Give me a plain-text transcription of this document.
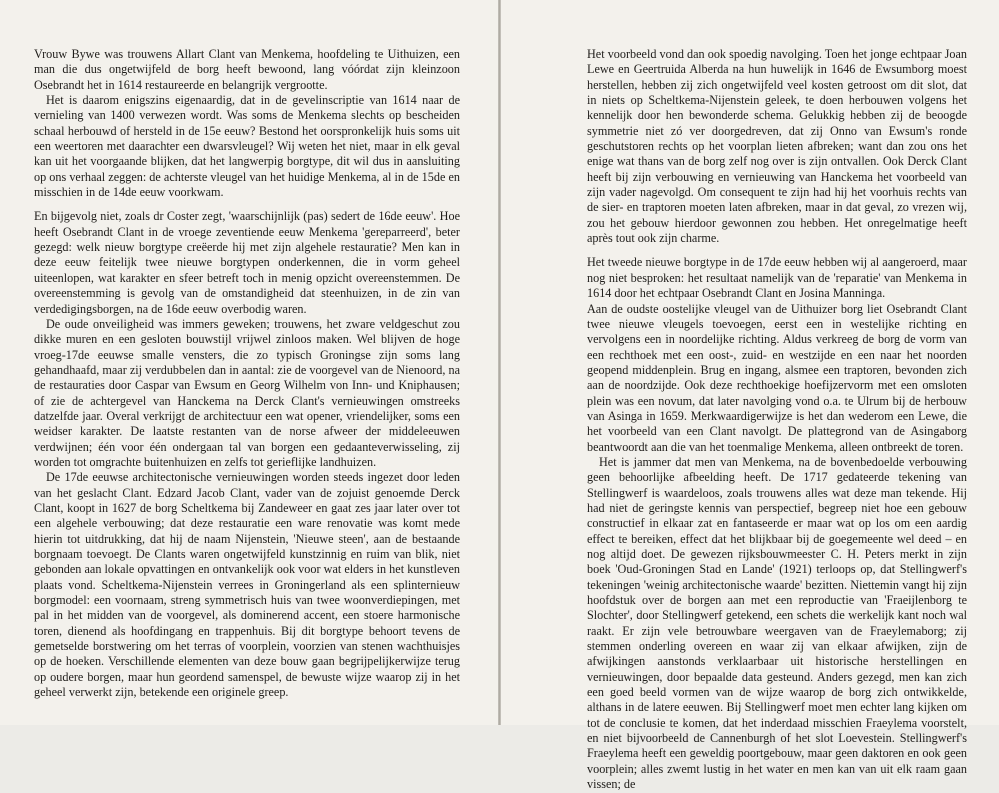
Vrouw Bywe was trouwens Allart Clant van Menkema, hoofdeling te Uithuizen, een man die dus ongetwijfeld de borg heeft bewoond, lang vóórdat zijn kleinzoon Osebrandt het in 1614 restaureerde en belangrijk vergrootte.

Het is daarom enigszins eigenaardig, dat in de gevelinscriptie van 1614 naar de vernieling van 1400 verwezen wordt. Was soms de Menkema slechts op bescheiden schaal herbouwd of hersteld in de 15e eeuw? Bestond het oorspronkelijk huis soms uit een weertoren met daarachter een dwarsvleugel? Wij weten het niet, maar in elk geval kan uit het voorgaande blijken, dat het langwerpig borgtype, dit wil dus in aansluiting op ons verhaal zeggen: de achterste vleugel van het huidige Menkema, al in de 15de en misschien in de 14de eeuw voorkwam.

En bijgevolg niet, zoals dr Coster zegt, 'waarschijnlijk (pas) sedert de 16de eeuw'. Hoe heeft Osebrandt Clant in de vroege zeventiende eeuw Menkema 'gereparreerd', beter gezegd: welk nieuw borgtype creëerde hij met zijn algehele restauratie? Men kan in deze eeuw feitelijk twee nieuwe borgtypen onderkennen, die in vorm geheel uiteenlopen, wat karakter en sfeer betreft toch in menig opzicht overeenstemmen. De overeenstemming is gevolg van de omstandigheid dat steenhuizen, in de zin van verdedigingsborgen, na de 16de eeuw overbodig waren.

De oude onveiligheid was immers geweken; trouwens, het zware veldgeschut zou dikke muren en een gesloten bouwstijl vrijwel zinloos maken. Wel blijven de hoge vroeg-17de eeuwse smalle vensters, die zo typisch Groningse zijn soms lang gehandhaafd, maar zij verdubbelen dan in aantal: zie de voorgevel van de Nienoord, na de restauraties door Caspar van Ewsum en Georg Wilhelm von Inn- und Kniphausen; of zie de achtergevel van Hanckema na Derck Clant's vernieuwingen omstreeks datzelfde jaar. Overal verkrijgt de architectuur een wat opener, vriendelijker, soms een weidser karakter. De laatste restanten van de norse afweer der middeleeuwen verdwijnen; één voor één ondergaan tal van borgen een gedaanteverwisseling, zij worden tot omgrachte buitenhuizen en zelfs tot gerieflijke landhuizen.

De 17de eeuwse architectonische vernieuwingen worden steeds ingezet door leden van het geslacht Clant. Edzard Jacob Clant, vader van de zojuist genoemde Derck Clant, koopt in 1627 de borg Scheltkema bij Zandeweer en gaat zes jaar later over tot een algehele verbouwing; dat deze restauratie een ware renovatie was komt mede hierin tot uitdrukking, dat hij de naam Nijenstein, 'Nieuwe steen', aan de bestaande borgnaam toevoegt. De Clants waren ongetwijfeld kunstzinnig en ruim van blik, niet gebonden aan lokale opvattingen en ontvankelijk ook voor wat elders in het kunstleven plaats vond. Scheltkema-Nijenstein verrees in Groningerland als een splinternieuw borgmodel: een voornaam, streng symmetrisch huis van twee woonverdiepingen, met pal in het midden van de voorgevel, als dominerend accent, een stoere harmonische toren, dienend als hoofdingang en trappenhuis. Bij dit borgtype behoort tevens de gemetselde borstwering om het terras of voorplein, voorzien van stenen wachthuisjes op de hoeken. Verschillende elementen van deze bouw gaan begrijpelijkerwijze terug op oudere borgen, maar hun geordend samenspel, de bewuste wijze waarop zij in het geheel verwerkt zijn, betekende een originele greep.

Het voorbeeld vond dan ook spoedig navolging. Toen het jonge echtpaar Joan Lewe en Geertruida Alberda na hun huwelijk in 1646 de Ewsumborg moest herstellen, hebben zij zich ongetwijfeld veel kosten getroost om dit slot, dat in niets op Scheltkema-Nijenstein geleek, te doen herbouwen volgens het kennelijk door hen bewonderde schema. Gelukkig hebben zij de beoogde symmetrie niet zó ver doorgedreven, dat zij Onno van Ewsum's ronde geschutstoren rechts op het voorplan lieten afbreken; want dan zou ons het enige wat thans van de borg zelf nog over is zijn ontvallen. Ook Derck Clant heeft bij zijn verbouwing en vernieuwing van Hanckema het voorbeeld van zijn vader nagevolgd. Om consequent te zijn had hij het voorhuis rechts van de sier- en traptoren moeten laten afbreken, maar in dat geval, zo vrezen wij, zou het gebouw hierdoor gewonnen zou hebben. Het onregelmatige heeft après tout ook zijn charme.

Het tweede nieuwe borgtype in de 17de eeuw hebben wij al aangeroerd, maar nog niet besproken: het resultaat namelijk van de 'reparatie' van Menkema in 1614 door het echtpaar Osebrandt Clant en Josina Manninga.

Aan de oudste oostelijke vleugel van de Uithuizer borg liet Osebrandt Clant twee nieuwe vleugels toevoegen, eerst een in westelijke richting en vervolgens een in noordelijke richting. Aldus verkreeg de borg de vorm van een rechthoek met een oost-, zuid- en westzijde en een naar het noorden geopend middenplein. Brug en ingang, alsmee een traptoren, bevonden zich aan de noordzijde. Ook deze rechthoekige hoefijzervorm met een omsloten plein was een novum, dat later navolging vond o.a. te Ulrum bij de herbouw van Asinga in 1659. Merkwaardigerwijze is het dan wederom een Lewe, die het voorbeeld van een Clant navolgt. De plattegrond van de Asingaborg beantwoordt aan die van het toenmalige Menkema, alleen ontbreekt de toren.

Het is jammer dat men van Menkema, na de bovenbedoelde verbouwing geen behoorlijke afbeelding heeft. De 1717 gedateerde tekening van Stellingwerf is waardeloos, zoals trouwens alles wat deze man tekende. Hij had niet de geringste kennis van perspectief, begreep niet hoe een gebouw constructief in elkaar zat en fantaseerde er maar wat op los om een aardig effect te bereiken, effect dat het blijkbaar bij de goegemeente wel deed – en nog altijd doet. De gewezen rijksbouwmeester C. H. Peters merkt in zijn boek 'Oud-Groningen Stad en Lande' (1921) terloops op, dat Stellingwerf's tekeningen 'weinig architectonische waarde' bezitten. Niettemin vangt hij zijn hoofdstuk over de borgen aan met een reproductie van 'Fraeijlenborg te Slochter', door Stellingwerf getekend, een schets die werkelijk kant noch wal raakt. Er zijn vele betrouwbare weergaven van de Fraeylemaborg; zij stemmen onderling overeen en waar zij van elkaar afwijken, zijn de afwijkingen aanstonds verklaarbaar uit historische herstellingen en vernieuwingen, door bepaalde data gesteund. Anders gezegd, men kan zich een goed beeld vormen van de wijze waarop de borg zich ontwikkelde, althans in de latere eeuwen. Bij Stellingwerf moet men echter lang kijken om tot de conclusie te komen, dat het inderdaad misschien Fraeylema voorstelt, en niet bijvoorbeeld de Cannenburgh of het slot Loevestein. Stellingwerf's Fraeylema heeft een geweldig poortgebouw, maar geen daktoren en ook geen voorplein; alles zwemt lustig in het water en men kan van uit elk raam gaan vissen; de
